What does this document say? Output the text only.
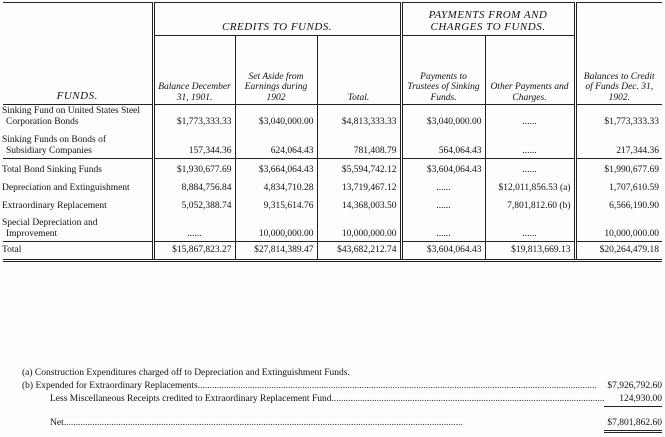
FUNDS.	CREDITS TO FUNDS.			PAYMENTS FROM AND CHARGES TO FUNDS.		Balances to Credit of Funds Dec. 31, 1902.
	Balance December 31, 1901.	Set Aside from Earnings during 1902	Total.	Payments to Trustees of Sinking Funds.	Other Payments and Charges.	
Sinking Fund on United States Steel Corporation Bonds	$1,773,333.33	$3,040,000.00	$4,813,333.33	$3,040,000.00	......	$1,773,333.33
Sinking Funds on Bonds of Subsidiary Companies	157,344.36	624,064.43	781,408.79	564,064.43	......	217,344.36
Total Bond Sinking Funds	$1,930,677.69	$3,664,064.43	$5,594,742.12	$3,604,064.43	......	$1,990,677.69
Depreciation and Extinguishment	8,884,756.84	4,834,710.28	13,719,467.12	......	$12,011,856.53 (a)	1,707,610.59
Extraordinary Replacement	5,052,388.74	9,315,614.76	14,368,003.50	......	7,801,812.60 (b)	6,566,190.90
Special Depreciation and Improvement	......	10,000,000.00	10,000,000.00	......	......	10,000,000.00
Total	$15,867,823.27	$27,814,389.47	$43,682,212.74	$3,604,064.43	$19,813,669.13	$20,264,479.18
(a) Construction Expenditures charged off to Depreciation and Extinguishment Funds.
(b) Expended for Extraordinary Replacements .....	$7,926,792.60
Less Miscellaneous Receipts credited to Extraordinary Replacement Fund .....	124,930.00
Net .....	$7,801,862.60
